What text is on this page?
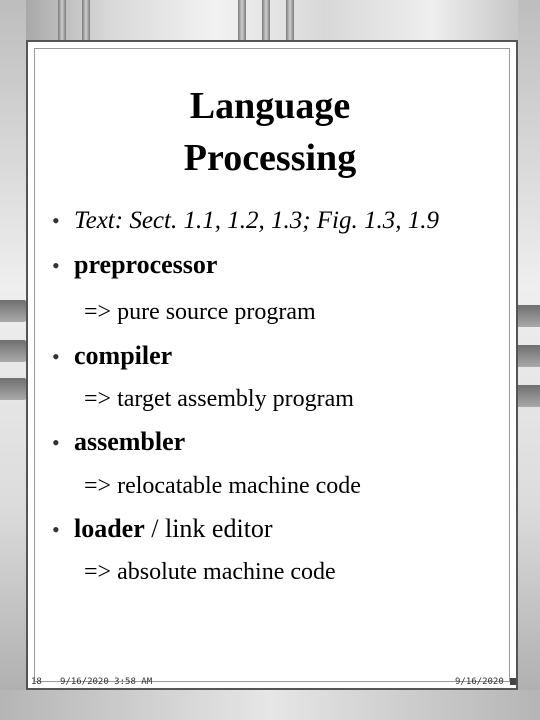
Language
Processing
• Text: Sect. 1.1, 1.2, 1.3; Fig. 1.3, 1.9
• preprocessor
=> pure source program
• compiler
=> target assembly program
• assembler
=> relocatable machine code
• loader / link editor
=> absolute machine code
18 9/16/2020 3:58 AM	9/16/2020
